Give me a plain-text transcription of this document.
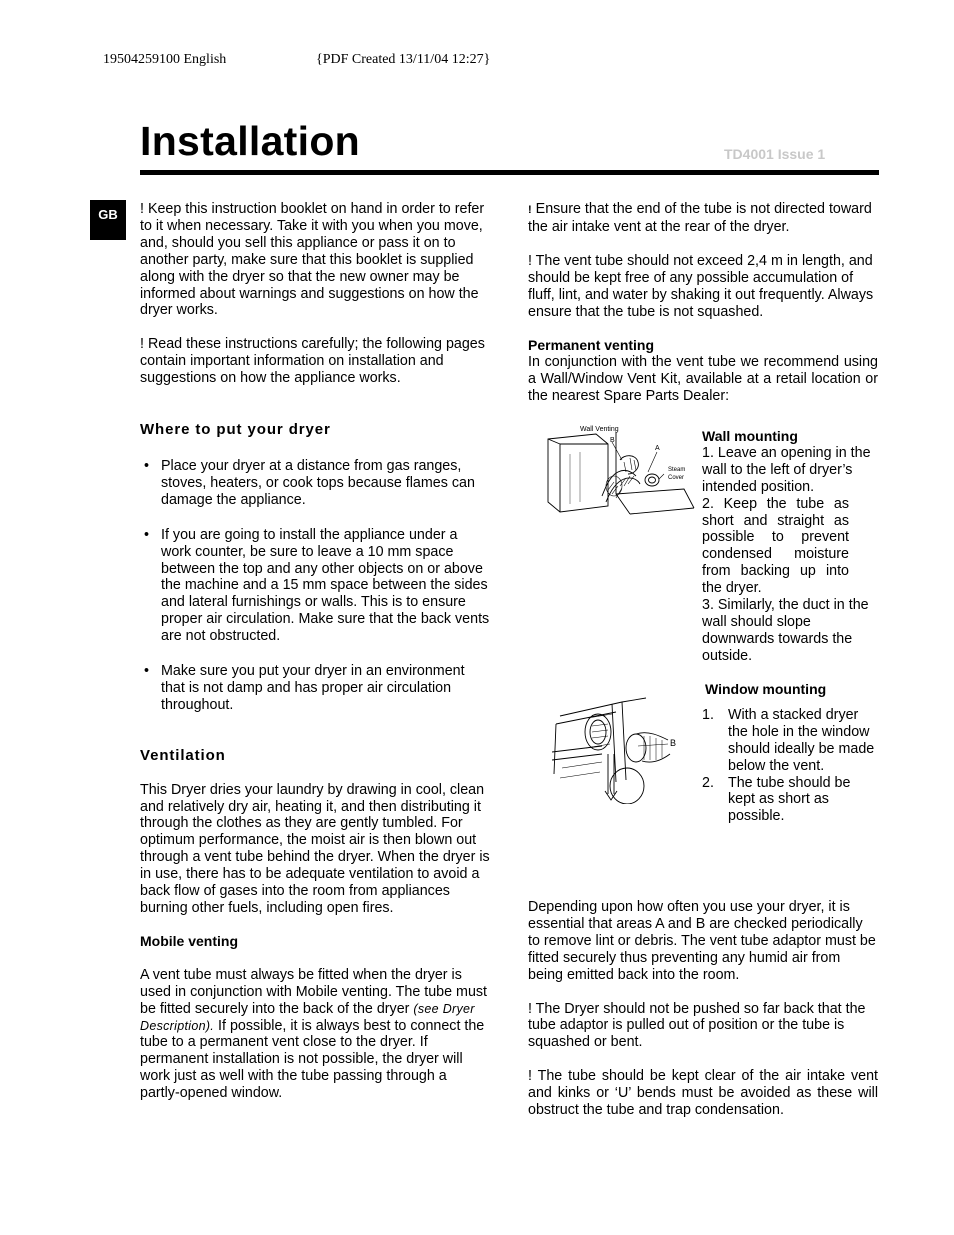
19504259100 English	{PDF Created 13/11/04 12:27}
Installation	TD4001 Issue 1
GB	! Keep this instruction booklet on hand in order to refer to it when necessary. Take it with you when you move, and, should you sell this appliance or pass it on to another party, make sure that this booklet is supplied along with the dryer so that the new owner may be informed about warnings and suggestions on how the dryer works.

! Read these instructions carefully; the following pages contain important information on installation and suggestions on how the appliance works.

Where to put your dryer

• Place your dryer at a distance from gas ranges, stoves, heaters, or cook tops because flames can damage the appliance.
• If you are going to install the appliance under a work counter, be sure to leave a 10 mm space between the top and any other objects on or above the machine and a 15 mm space between the sides and lateral furnishings or walls. This is to ensure proper air circulation. Make sure that the back vents are not obstructed.
• Make sure you put your dryer in an environment that is not damp and has proper air circulation throughout.

Ventilation

This Dryer dries your laundry by drawing in cool, clean and relatively dry air, heating it, and then distributing it through the clothes as they are gently tumbled. For optimum performance, the moist air is then blown out through a vent tube behind the dryer. When the dryer is in use, there has to be adequate ventilation to avoid a back flow of gases into the room from appliances burning other fuels, including open fires.

Mobile venting

A vent tube must always be fitted when the dryer is used in conjunction with Mobile venting. The tube must be fitted securely into the back of the dryer (see Dryer Description). If possible, it is always best to connect the tube to a permanent vent close to the dryer. If permanent installation is not possible, the dryer will work just as well with the tube passing through a partly-opened window.

! Ensure that the end of the tube is not directed toward the air intake vent at the rear of the dryer.

! The vent tube should not exceed 2,4 m in length, and should be kept free of any possible accumulation of fluff, lint, and water by shaking it out frequently. Always ensure that the tube is not squashed.

Permanent venting

In conjunction with the vent tube we recommend using a Wall/Window Vent Kit, available at a retail location or the nearest Spare Parts Dealer:

Wall Venting
B
A
Steam
Cover

Wall mounting

1. Leave an opening in the wall to the left of dryer’s intended position.

2. Keep the tube as short and straight as possible to prevent condensed moisture from backing up into the dryer.

3. Similarly, the duct in the wall should slope downwards towards the outside.

B

Window mounting

1. With a stacked dryer the hole in the window should ideally be made below the vent.
2. The tube should be kept as short as possible.

Depending upon how often you use your dryer, it is essential that areas A and B are checked periodically to remove lint or debris. The vent tube adaptor must be fitted securely thus preventing any humid air from being emitted back into the room.

! The Dryer should not be pushed so far back that the tube adaptor is pulled out of position or the tube is squashed or bent.

! The tube should be kept clear of the air intake vent and kinks or ‘U’ bends must be avoided as these will obstruct the tube and trap condensation.
